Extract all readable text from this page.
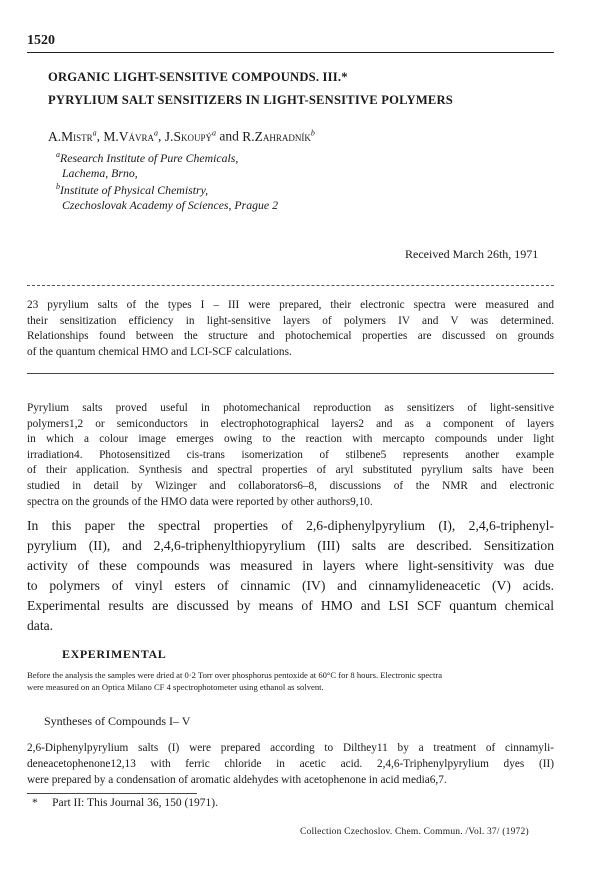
1520
ORGANIC LIGHT-SENSITIVE COMPOUNDS. III.*
PYRYLIUM SALT SENSITIZERS IN LIGHT-SENSITIVE POLYMERS
A.Mistr$^a$, M.Vávra$^a$, J.Skoupý$^a$ and R.Zahradník$^b$
$^a$Research Institute of Pure Chemicals,
Lachema, Brno,
$^b$Institute of Physical Chemistry,
Czechoslovak Academy of Sciences, Prague 2
Received March 26th, 1971
23 pyrylium salts of the types I – III were prepared, their electronic spectra were measured and
their sensitization efficiency in light-sensitive layers of polymers IV and V was determined.
Relationships found between the structure and photochemical properties are discussed on grounds
of the quantum chemical HMO and LCI-SCF calculations.
Pyrylium salts proved useful in photomechanical reproduction as sensitizers of light-sensitive
polymers1,2 or semiconductors in electrophotographical layers2 and as a component of layers
in which a colour image emerges owing to the reaction with mercapto compounds under light
irradiation4. Photosensitized cis-trans isomerization of stilbene5 represents another example
of their application. Synthesis and spectral properties of aryl substituted pyrylium salts have been
studied in detail by Wizinger and collaborators6–8, discussions of the NMR and electronic
spectra on the grounds of the HMO data were reported by other authors9,10.
In this paper the spectral properties of 2,6-diphenylpyrylium (I), 2,4,6-triphenyl-
pyrylium (II), and 2,4,6-triphenylthiopyrylium (III) salts are described. Sensitization
activity of these compounds was measured in layers where light-sensitivity was due
to polymers of vinyl esters of cinnamic (IV) and cinnamylideneacetic (V) acids.
Experimental results are discussed by means of HMO and LSI SCF quantum chemical
data.
EXPERIMENTAL
Before the analysis the samples were dried at 0·2 Torr over phosphorus pentoxide at 60°C for 8 hours. Electronic spectra
were measured on an Optica Milano CF 4 spectrophotometer using ethanol as solvent.
Syntheses of Compounds I– V
2,6-Diphenylpyrylium salts (I) were prepared according to Dilthey11 by a treatment of cinnamyli-
deneacetophenone12,13 with ferric chloride in acetic acid. 2,4,6-Triphenylpyrylium dyes (II)
were prepared by a condensation of aromatic aldehydes with acetophenone in acid media6,7.
* Part II: This Journal 36, 150 (1971).
Collection Czechoslov. Chem. Commun. /Vol. 37/ (1972)
